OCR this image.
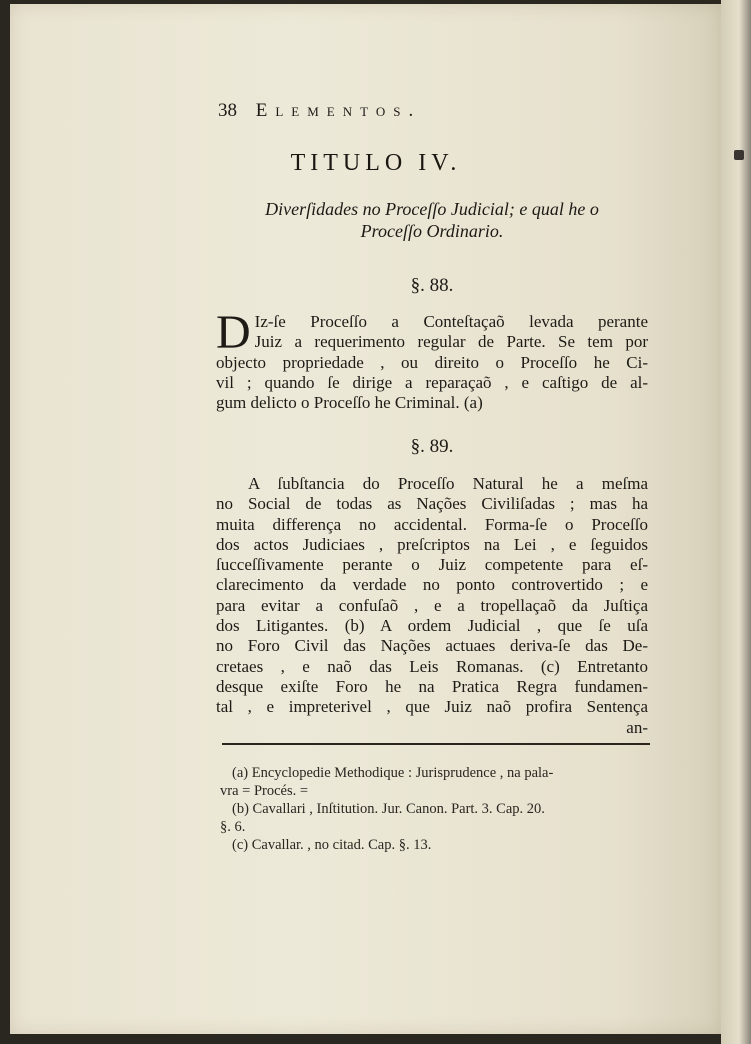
38 Elementos.
TITULO IV.
Diverſidades no Proceſſo Judicial; e qual he o
Proceſſo Ordinario.
§. 88.
D Iz-ſe Proceſſo a Conteſtaçaõ levada perante
Juiz a requerimento regular de Parte. Se tem por
objecto propriedade , ou direito o Proceſſo he Ci-
vil ; quando ſe dirige a reparaçaõ , e caſtigo de al-
gum delicto o Proceſſo he Criminal. (a)
§. 89.
A ſubſtancia do Proceſſo Natural he a meſma
no Social de todas as Nações Civiliſadas ; mas ha
muita differença no accidental. Forma-ſe o Proceſſo
dos actos Judiciaes , preſcriptos na Lei , e ſeguidos
ſucceſſivamente perante o Juiz competente para eſ-
clarecimento da verdade no ponto controvertido ; e
para evitar a confuſaõ , e a tropellaçaõ da Juſtiça
dos Litigantes. (b) A ordem Judicial , que ſe uſa
no Foro Civil das Nações actuaes deriva-ſe das De-
cretaes , e naõ das Leis Romanas. (c) Entretanto
desque exiſte Foro he na Pratica Regra fundamen-
tal , e impreterivel , que Juiz naõ profira Sentença
an-
(a) Encyclopedie Methodique : Jurisprudence , na pala-
vra = Procés. =
(b) Cavallari , Inſtitution. Jur. Canon. Part. 3. Cap. 20.
§. 6.
(c) Cavallar. , no citad. Cap. §. 13.
